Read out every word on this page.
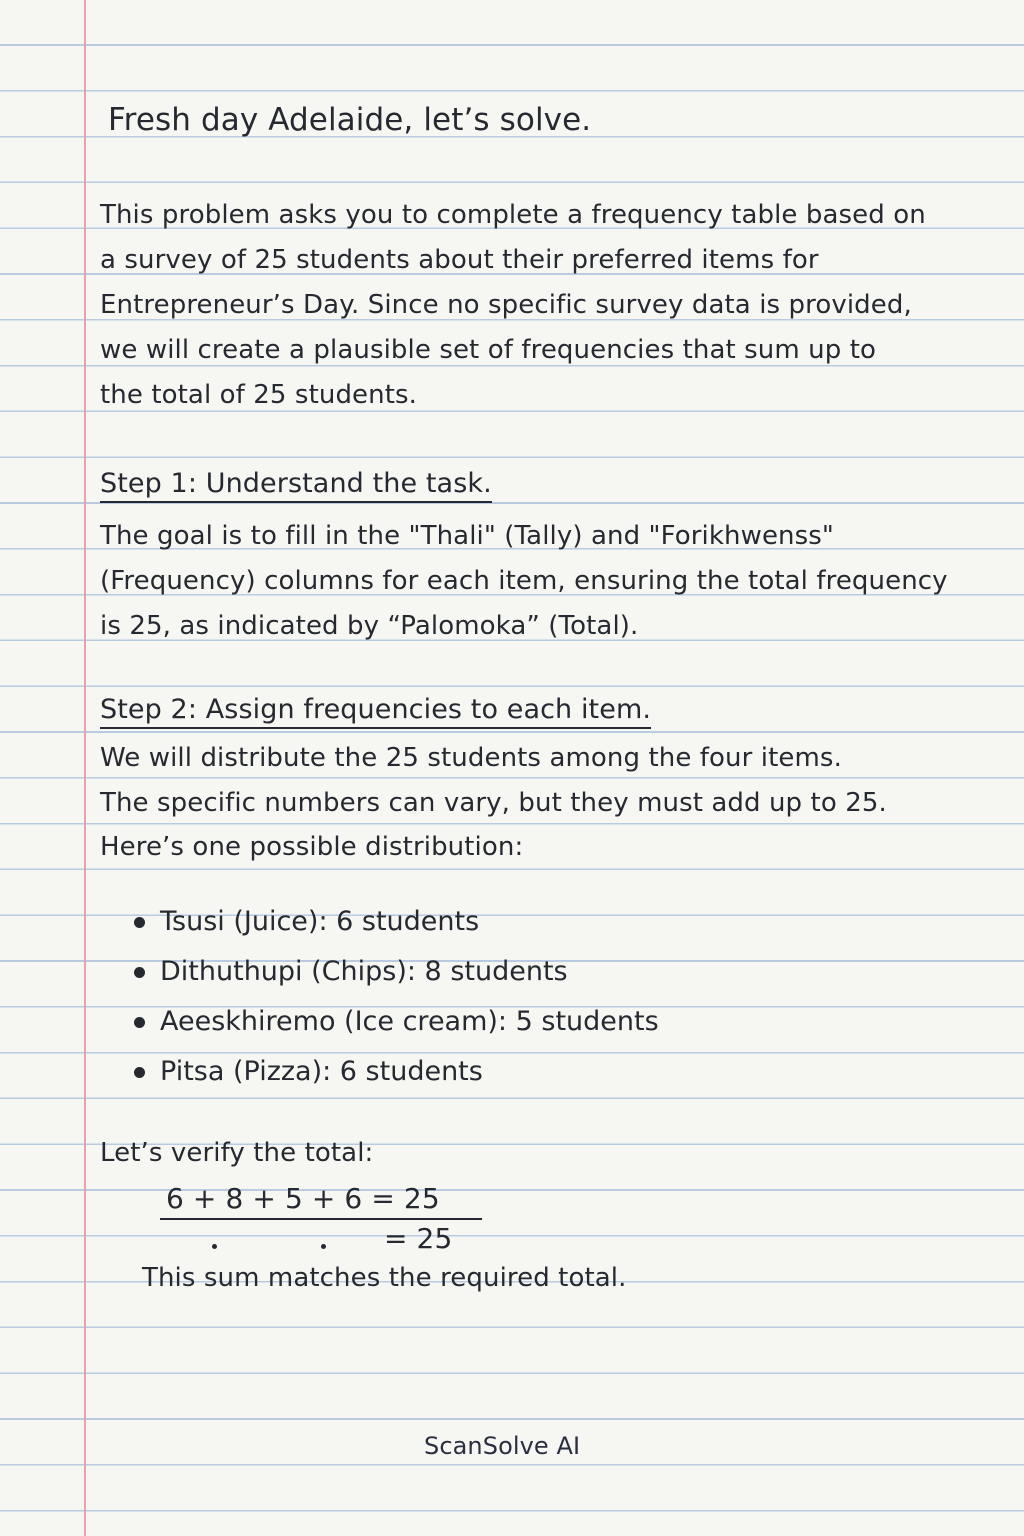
Fresh day Adelaide, let’s solve.

This problem asks you to complete a frequency table based on

a survey of 25 students about their preferred items for

Entrepreneur’s Day. Since no specific survey data is provided,

we will create a plausible set of frequencies that sum up to

the total of 25 students.

Step 1: Understand the task.

The goal is to fill in the "Thali" (Tally) and "Forikhwenss"

(Frequency) columns for each item, ensuring the total frequency

is 25, as indicated by “Palomoka” (Total).

Step 2: Assign frequencies to each item.

We will distribute the 25 students among the four items.

The specific numbers can vary, but they must add up to 25.

Here’s one possible distribution:

Tsusi (Juice): 6 students
Dithuthupi (Chips): 8 students
Aeeskhiremo (Ice cream): 5 students
Pitsa (Pizza): 6 students

Let’s verify the total:

6 + 8 + 5 + 6 = 25

= 25

This sum matches the required total.

ScanSolve AI
